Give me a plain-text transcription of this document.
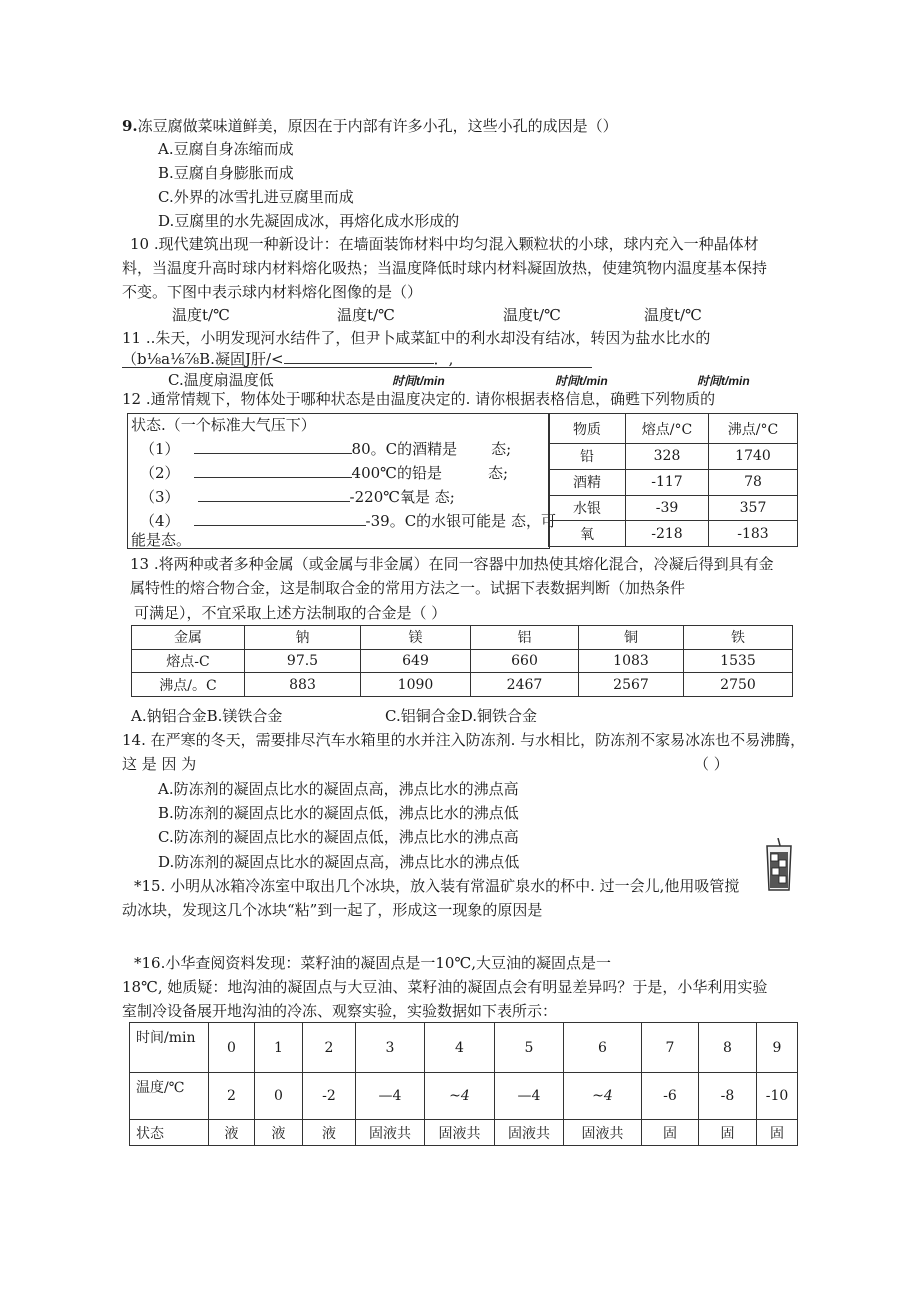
9.冻豆腐做菜味道鲜美，原因在于内部有许多小孔，这些小孔的成因是（）
A.豆腐自身冻缩而成
B.豆腐自身膨胀而成
C.外界的冰雪扎进豆腐里而成
D.豆腐里的水先凝固成冰，再熔化成水形成的
10 .现代建筑出现一种新设计：在墙面装饰材料中均匀混入颗粒状的小球，球内充入一种晶体材
料，当温度升高时球内材料熔化吸热；当温度降低时球内材料凝固放热，使建筑物内温度基本保持
不变。下图中表示球内材料熔化图像的是（）
温度t/℃	温度t/℃	温度t/℃	温度t/℃
11 ..朱天，小明发现河水结件了，但尹卜咸菜缸中的利水却没有结冰，转因为盐水比水的
（b⅛a⅛⅞B.凝固J肝/<	．,
C.温度扇温度低	时间t/min	时间t/min	时间t/min
12 .通常情觌下，物体处于哪种状态是由温度决定的. 请你根据表格信息，确甦下列物质的
状态.（一个标准大气压下）
（1）	80。C的酒精是 态;
（2）	400℃的铅是	态;
（3）	-220℃氧是 态;
（4）	-39。C的水银可能是 态，可
能是态。
物质	熔点/°C	沸点/°C
铅	328	1740
酒精	-117	78
水银	-39	357
氧	-218	-183
13 .将两种或者多种金属（或金属与非金属）在同一容器中加热使其熔化混合，冷凝后得到具有金
属特性的熔合物合金，这是制取合金的常用方法之一。试据下表数据判断（加热条件
可满足），不宜采取上述方法制取的合金是（ ）
金属	钠	镁	铝	铜	铁
熔点-C	97.5	649	660	1083	1535
沸点/。C	883	1090	2467	2567	2750
A.钠铝合金B.镁铁合金	C.铝铜合金D.铜铁合金
14. 在严寒的冬天，需要排尽汽车水箱里的水并注入防冻剂. 与水相比，防冻剂不家易冰冻也不易沸腾，
这 是 因 为	（ ）
A.防冻剂的凝固点比水的凝固点高，沸点比水的沸点高
B.防冻剂的凝固点比水的凝固点低，沸点比水的沸点低
C.防冻剂的凝固点比水的凝固点低，沸点比水的沸点高
D.防冻剂的凝固点比水的凝固点高，沸点比水的沸点低
*15. 小明从冰箱冷冻室中取出几个冰块，放入装有常温矿泉水的杯中. 过一会儿,他用吸管搅
动冰块，发现这几个冰块“粘”到一起了，形成这一现象的原因是
*16.小华查阅资料发现：菜籽油的凝固点是一10℃,大豆油的凝固点是一
18℃, 她质疑：地沟油的凝固点与大豆油、菜籽油的凝固点会有明显差异吗？于是，小华利用实验
室制冷设备展开地沟油的冷冻、观察实验，实验数据如下表所示：
时间/min	0	1	2	3	4	5	6	7	8	9
温度/℃	2	0	-2	—4	~4	—4	~4	-6	-8	-10
状态	液	液	液	固液共	固液共	固液共	固液共	固	固	固
